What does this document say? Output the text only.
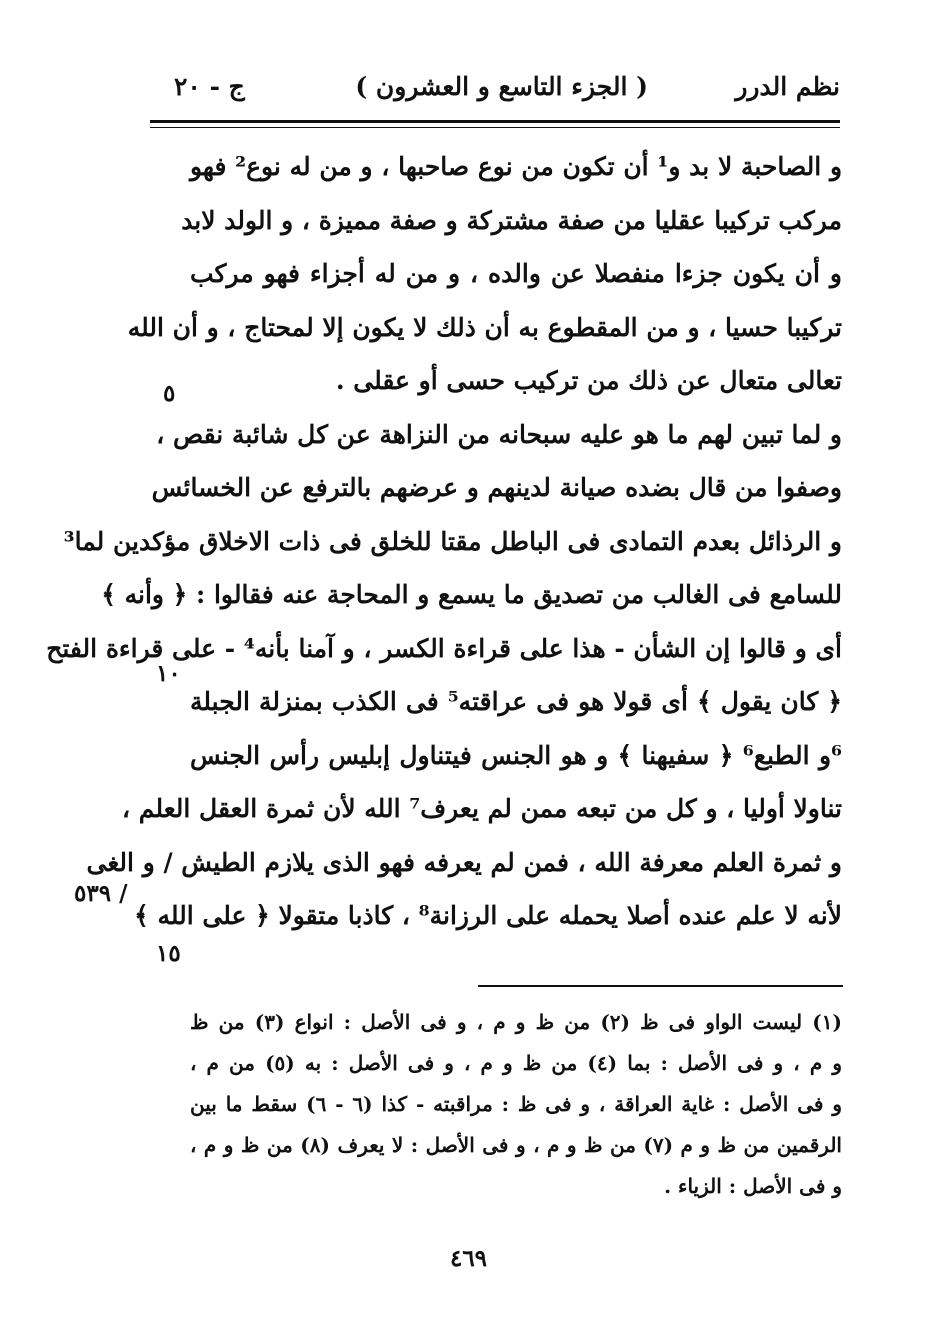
نظم الدرر
( الجزء التاسع و العشرون )
ج - ٢٠
و الصاحبة لا بد و¹ أن تكون من نوع صاحبها ، و من له نوع² فهو
مركب تركيبا عقليا من صفة مشتركة و صفة مميزة ، و الولد لابد
و أن يكون جزءا منفصلا عن والده ، و من له أجزاء فهو مركب
تركيبا حسيا ، و من المقطوع به أن ذلك لا يكون إلا لمحتاج ، و أن الله
تعالى متعال عن ذلك من تركيب حسى أو عقلى .
و لما تبين لهم ما هو عليه سبحانه من النزاهة عن كل شائبة نقص ،
وصفوا من قال بضده صيانة لدينهم و عرضهم بالترفع عن الخسائس
و الرذائل بعدم التمادى فى الباطل مقتا للخلق فى ذات الاخلاق مؤكدين لما³
للسامع فى الغالب من تصديق ما يسمع و المحاجة عنه فقالوا : ﴿ وأنه ﴾
أى و قالوا إن الشأن - هذا على قراءة الكسر ، و آمنا بأنه⁴ - على قراءة الفتح
﴿ كان يقول ﴾ أى قولا هو فى عراقته⁵ فى الكذب بمنزلة الجبلة
⁶و الطبع⁶ ﴿ سفيهنا ﴾ و هو الجنس فيتناول إبليس رأس الجنس
تناولا أوليا ، و كل من تبعه ممن لم يعرف⁷ الله لأن ثمرة العقل العلم ،
و ثمرة العلم معرفة الله ، فمن لم يعرفه فهو الذى يلازم الطيش / و الغى
لأنه لا علم عنده أصلا يحمله على الرزانة⁸ ، كاذبا متقولا ﴿ على الله ﴾
٥
١٠
/ ٥٣٩
١٥
(١) ليست الواو فى ظ (٢) من ظ و م ، و فى الأصل : انواع (٣) من ظ
و م ، و فى الأصل : بما (٤) من ظ و م ، و فى الأصل : به (٥) من م ،
و فى الأصل : غاية العراقة ، و فى ظ : مراقبته - كذا (٦ - ٦) سقط ما بين
الرقمين من ظ و م (٧) من ظ و م ، و فى الأصل : لا يعرف (٨) من ظ و م ،
و فى الأصل : الزياء .
٤٦٩
